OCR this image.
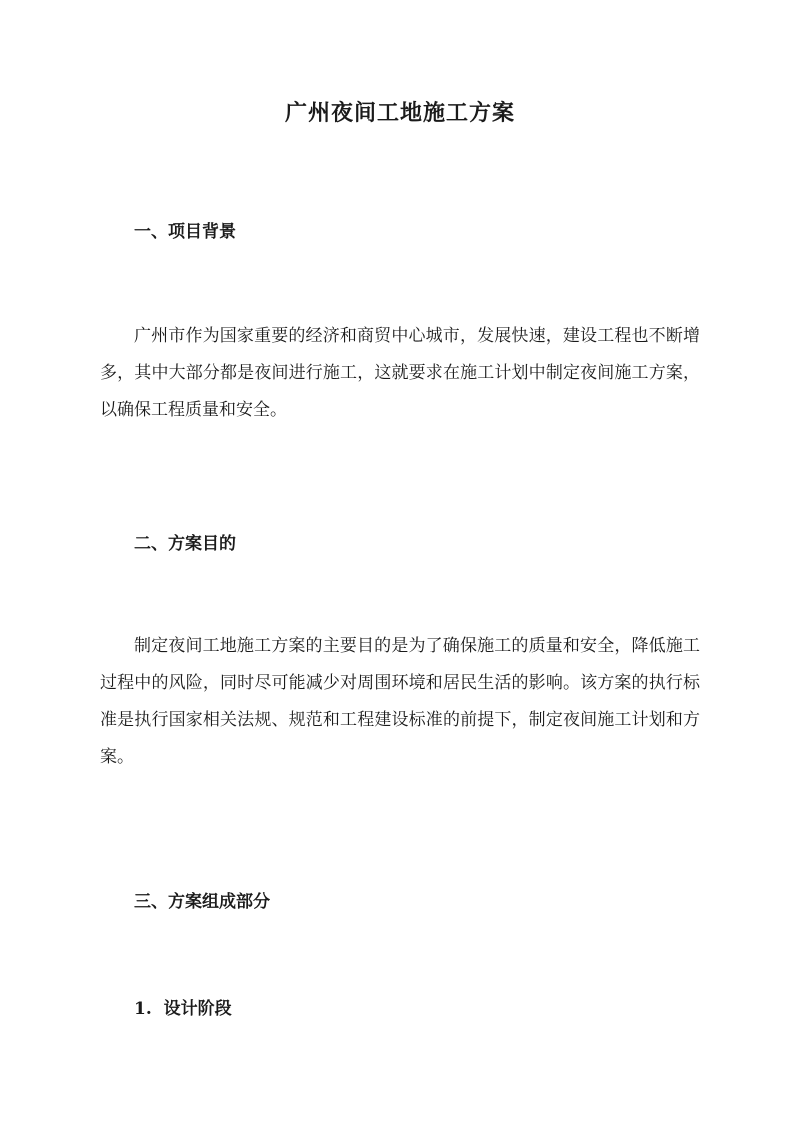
广州夜间工地施工方案
一、项目背景

广州市作为国家重要的经济和商贸中心城市，发展快速，建设工程也不断增多，其中大部分都是夜间进行施工，这就要求在施工计划中制定夜间施工方案，以确保工程质量和安全。

二、方案目的

制定夜间工地施工方案的主要目的是为了确保施工的质量和安全，降低施工过程中的风险，同时尽可能减少对周围环境和居民生活的影响。该方案的执行标准是执行国家相关法规、规范和工程建设标准的前提下，制定夜间施工计划和方案。

三、方案组成部分
1.  设计阶段
